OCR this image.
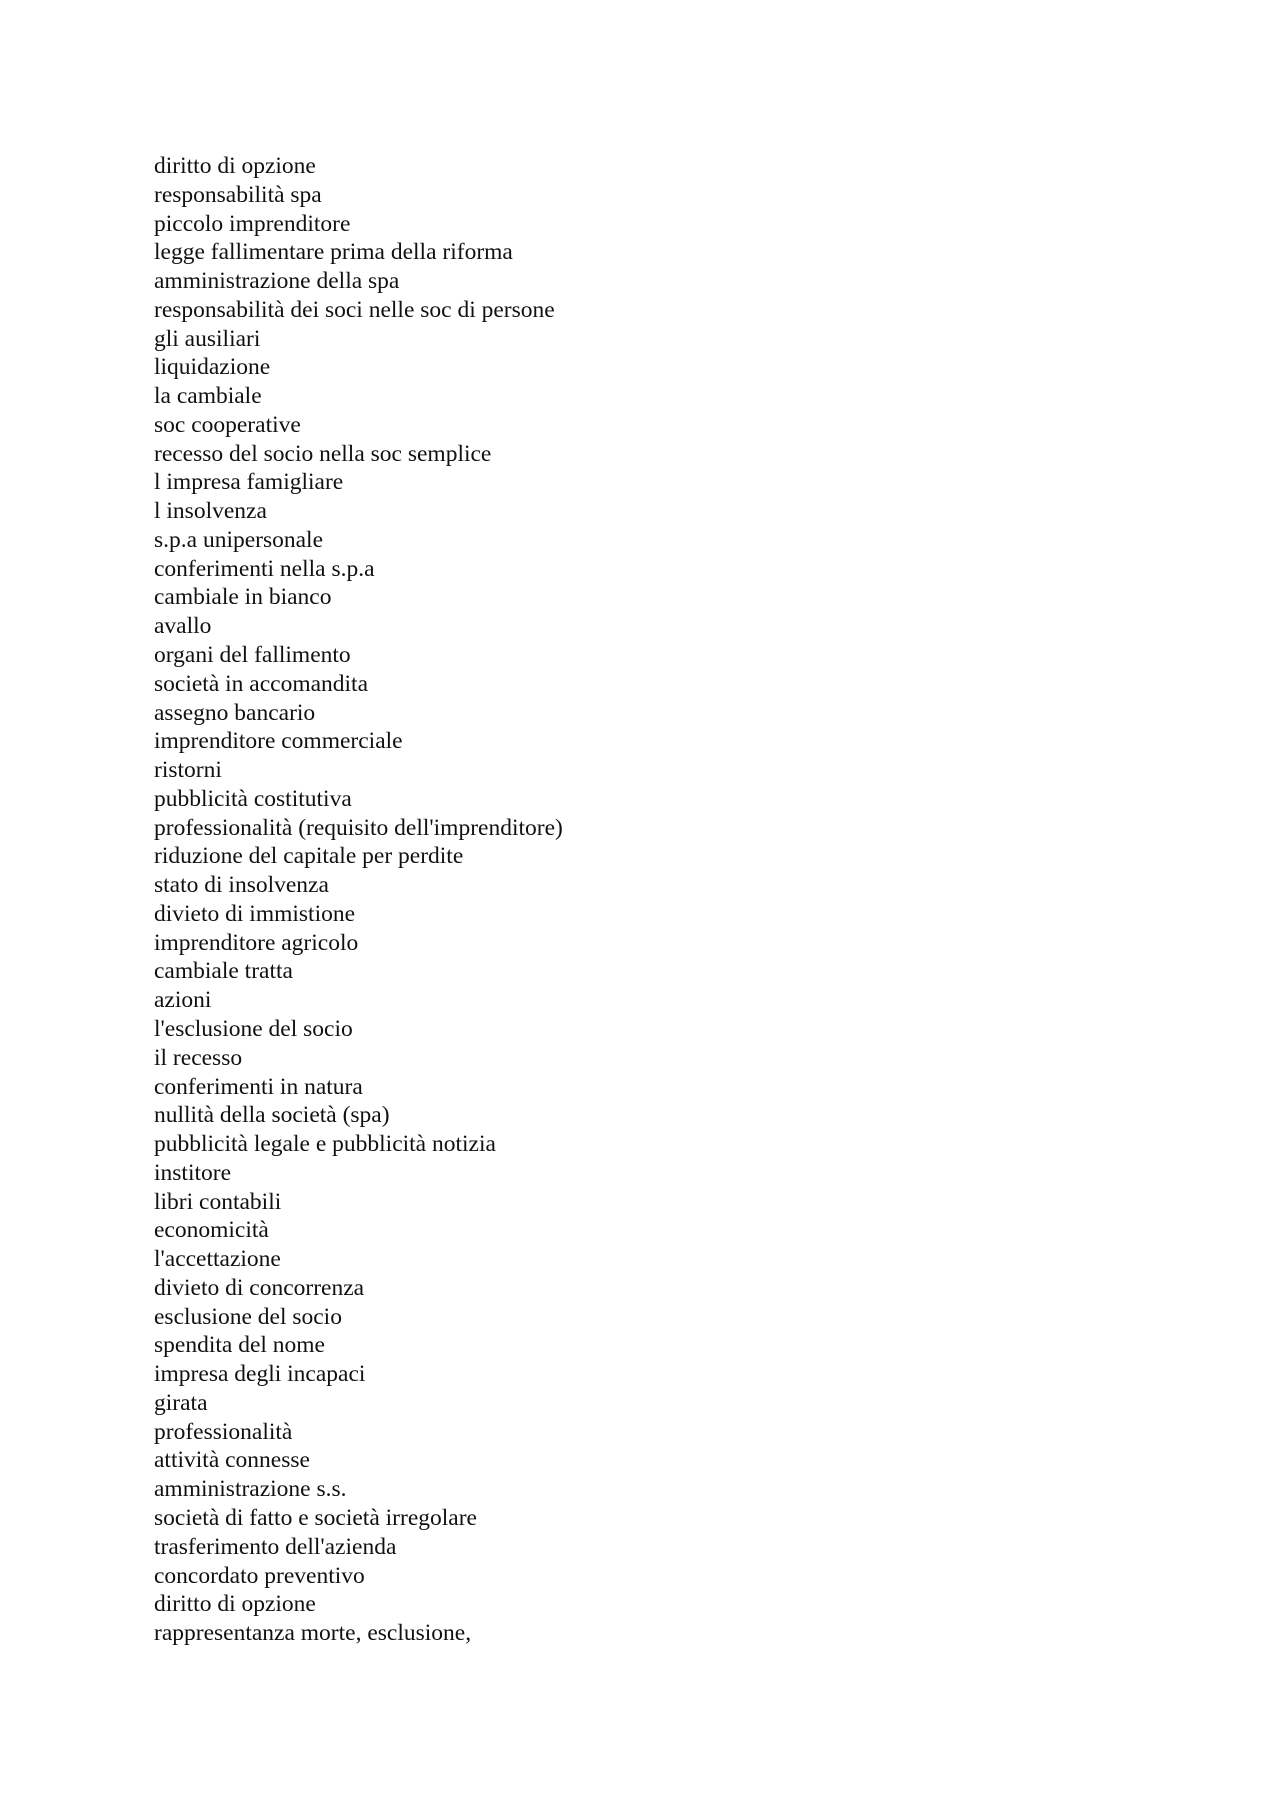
diritto di opzione
responsabilità spa
piccolo imprenditore
legge fallimentare prima della riforma
amministrazione della spa
responsabilità dei soci nelle soc di persone
gli ausiliari
liquidazione
la cambiale
soc cooperative
recesso del socio nella soc semplice
l impresa famigliare
l insolvenza
s.p.a unipersonale
conferimenti nella s.p.a
cambiale in bianco
avallo
organi del fallimento
società in accomandita
assegno bancario
imprenditore commerciale
ristorni
pubblicità costitutiva
professionalità (requisito dell'imprenditore)
riduzione del capitale per perdite
stato di insolvenza
divieto di immistione
imprenditore agricolo
cambiale tratta
azioni
l'esclusione del socio
il recesso
conferimenti in natura
nullità della società (spa)
pubblicità legale e pubblicità notizia
institore
libri contabili
economicità
l'accettazione
divieto di concorrenza
esclusione del socio
spendita del nome
impresa degli incapaci
girata
professionalità
attività connesse
amministrazione s.s.
società di fatto e società irregolare
trasferimento dell'azienda
concordato preventivo
diritto di opzione
rappresentanza morte, esclusione,
